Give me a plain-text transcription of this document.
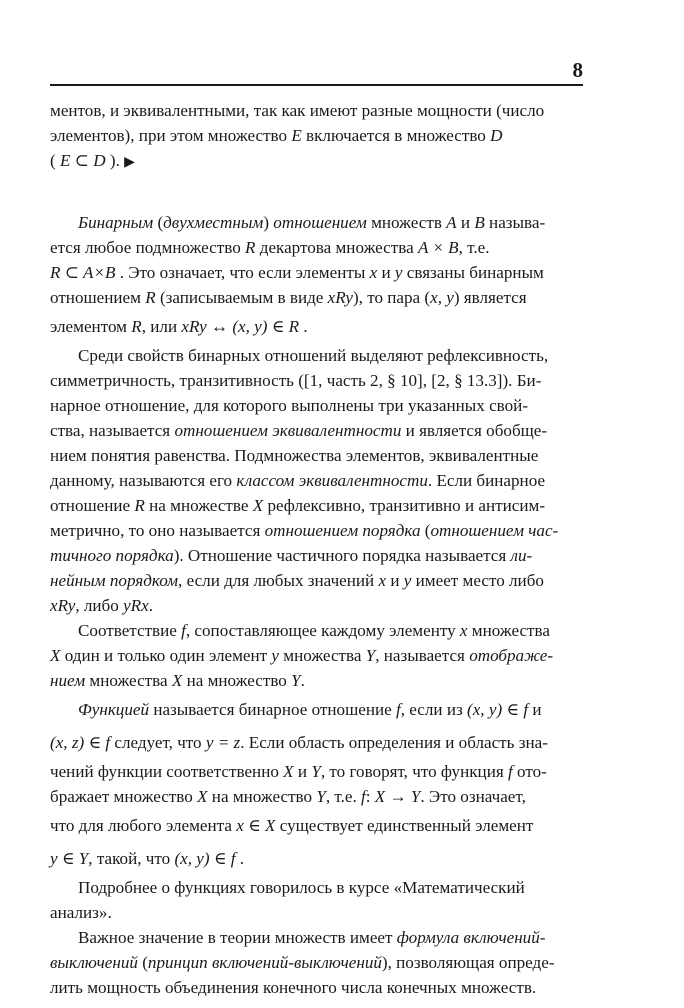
8
ментов, и эквивалентными, так как имеют разные мощности (число
элементов), при этом множество E включается в множество D
( E ⊂ D ). ▶
Бинарным (двухместным) отношением множеств A и B называ-
ется любое подмножество R декартова множества A × B, т.е.
R ⊂ A×B . Это означает, что если элементы x и y связаны бинарным
отношением R (записываемым в виде xRy), то пара (x, y) является
элементом R, или xRy ↔ (x, y) ∈ R .
Среди свойств бинарных отношений выделяют рефлексивность,
симметричность, транзитивность ([1, часть 2, § 10], [2, § 13.3]). Би-
нарное отношение, для которого выполнены три указанных свой-
ства, называется отношением эквивалентности и является обобще-
нием понятия равенства. Подмножества элементов, эквивалентные
данному, называются его классом эквивалентности. Если бинарное
отношение R на множестве X рефлексивно, транзитивно и антисим-
метрично, то оно называется отношением порядка (отношением час-
тичного порядка). Отношение частичного порядка называется ли-
нейным порядком, если для любых значений x и y имеет место либо
xRy, либо yRx.
Соответствие f, сопоставляющее каждому элементу x множества
X один и только один элемент y множества Y, называется отображе-
нием множества X на множество Y.
Функцией называется бинарное отношение f, если из (x, y) ∈ f и
(x, z) ∈ f следует, что y = z. Если область определения и область зна-
чений функции соответственно X и Y, то говорят, что функция f ото-
бражает множество X на множество Y, т.е. f: X → Y. Это означает,
что для любого элемента x ∈ X существует единственный элемент
y ∈ Y, такой, что (x, y) ∈ f .
Подробнее о функциях говорилось в курсе «Математический
анализ».
Важное значение в теории множеств имеет формула включений-
выключений (принцип включений-выключений), позволяющая опреде-
лить мощность объединения конечного числа конечных множеств.
